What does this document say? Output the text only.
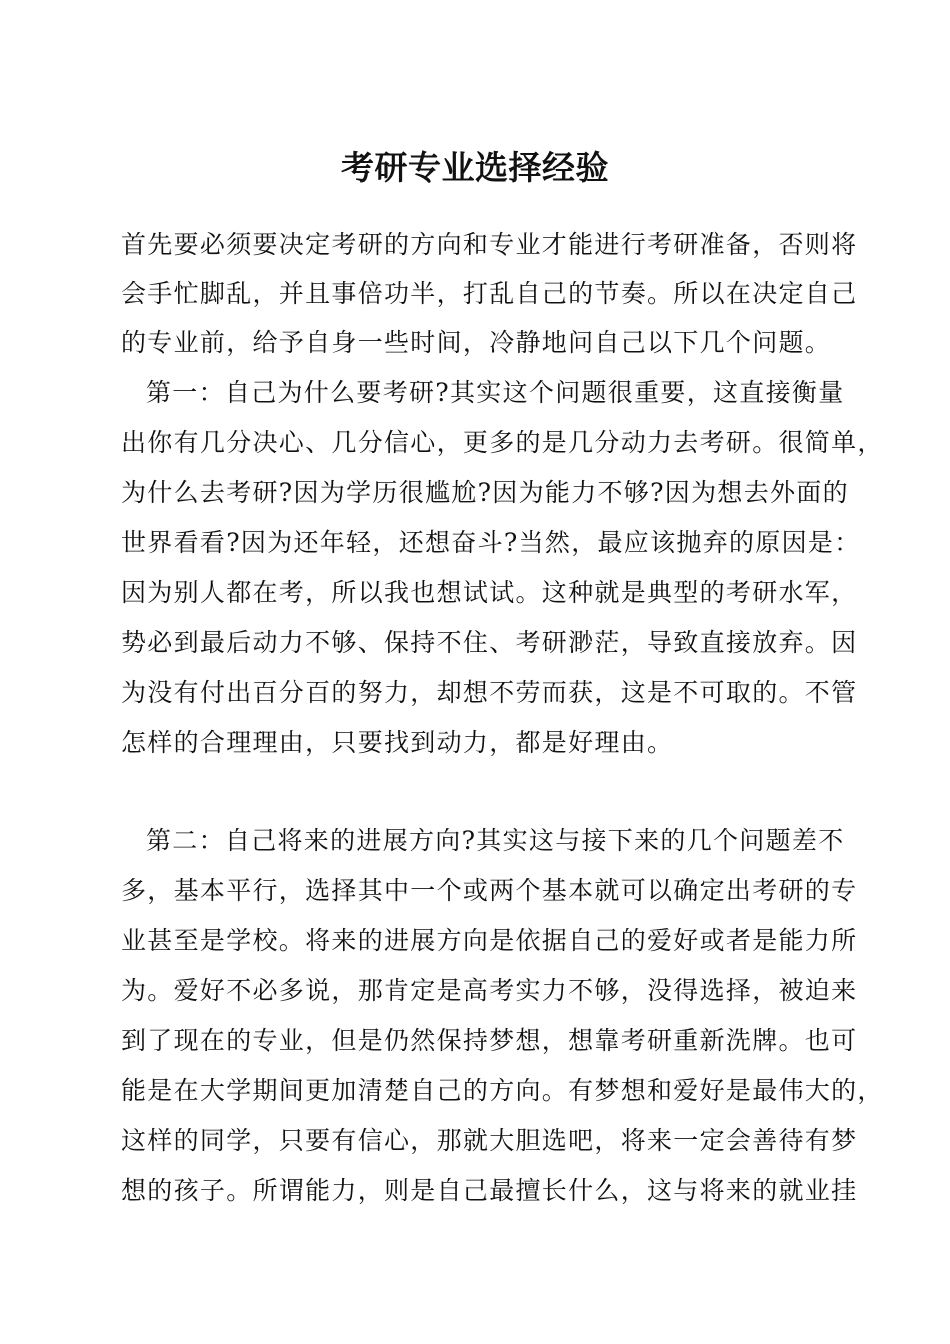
考研专业选择经验
首先要必须要决定考研的方向和专业才能进行考研准备，否则将
会手忙脚乱，并且事倍功半，打乱自己的节奏。所以在决定自己
的专业前，给予自身一些时间，冷静地问自己以下几个问题。
第一：自己为什么要考研?其实这个问题很重要，这直接衡量
出你有几分决心、几分信心，更多的是几分动力去考研。很简单，
为什么去考研?因为学历很尴尬?因为能力不够?因为想去外面的
世界看看?因为还年轻，还想奋斗?当然，最应该抛弃的原因是：
因为别人都在考，所以我也想试试。这种就是典型的考研水军，
势必到最后动力不够、保持不住、考研渺茫，导致直接放弃。因
为没有付出百分百的努力，却想不劳而获，这是不可取的。不管
怎样的合理理由，只要找到动力，都是好理由。
第二：自己将来的进展方向?其实这与接下来的几个问题差不
多，基本平行，选择其中一个或两个基本就可以确定出考研的专
业甚至是学校。将来的进展方向是依据自己的爱好或者是能力所
为。爱好不必多说，那肯定是高考实力不够，没得选择，被迫来
到了现在的专业，但是仍然保持梦想，想靠考研重新洗牌。也可
能是在大学期间更加清楚自己的方向。有梦想和爱好是最伟大的，
这样的同学，只要有信心，那就大胆选吧，将来一定会善待有梦
想的孩子。所谓能力，则是自己最擅长什么，这与将来的就业挂
